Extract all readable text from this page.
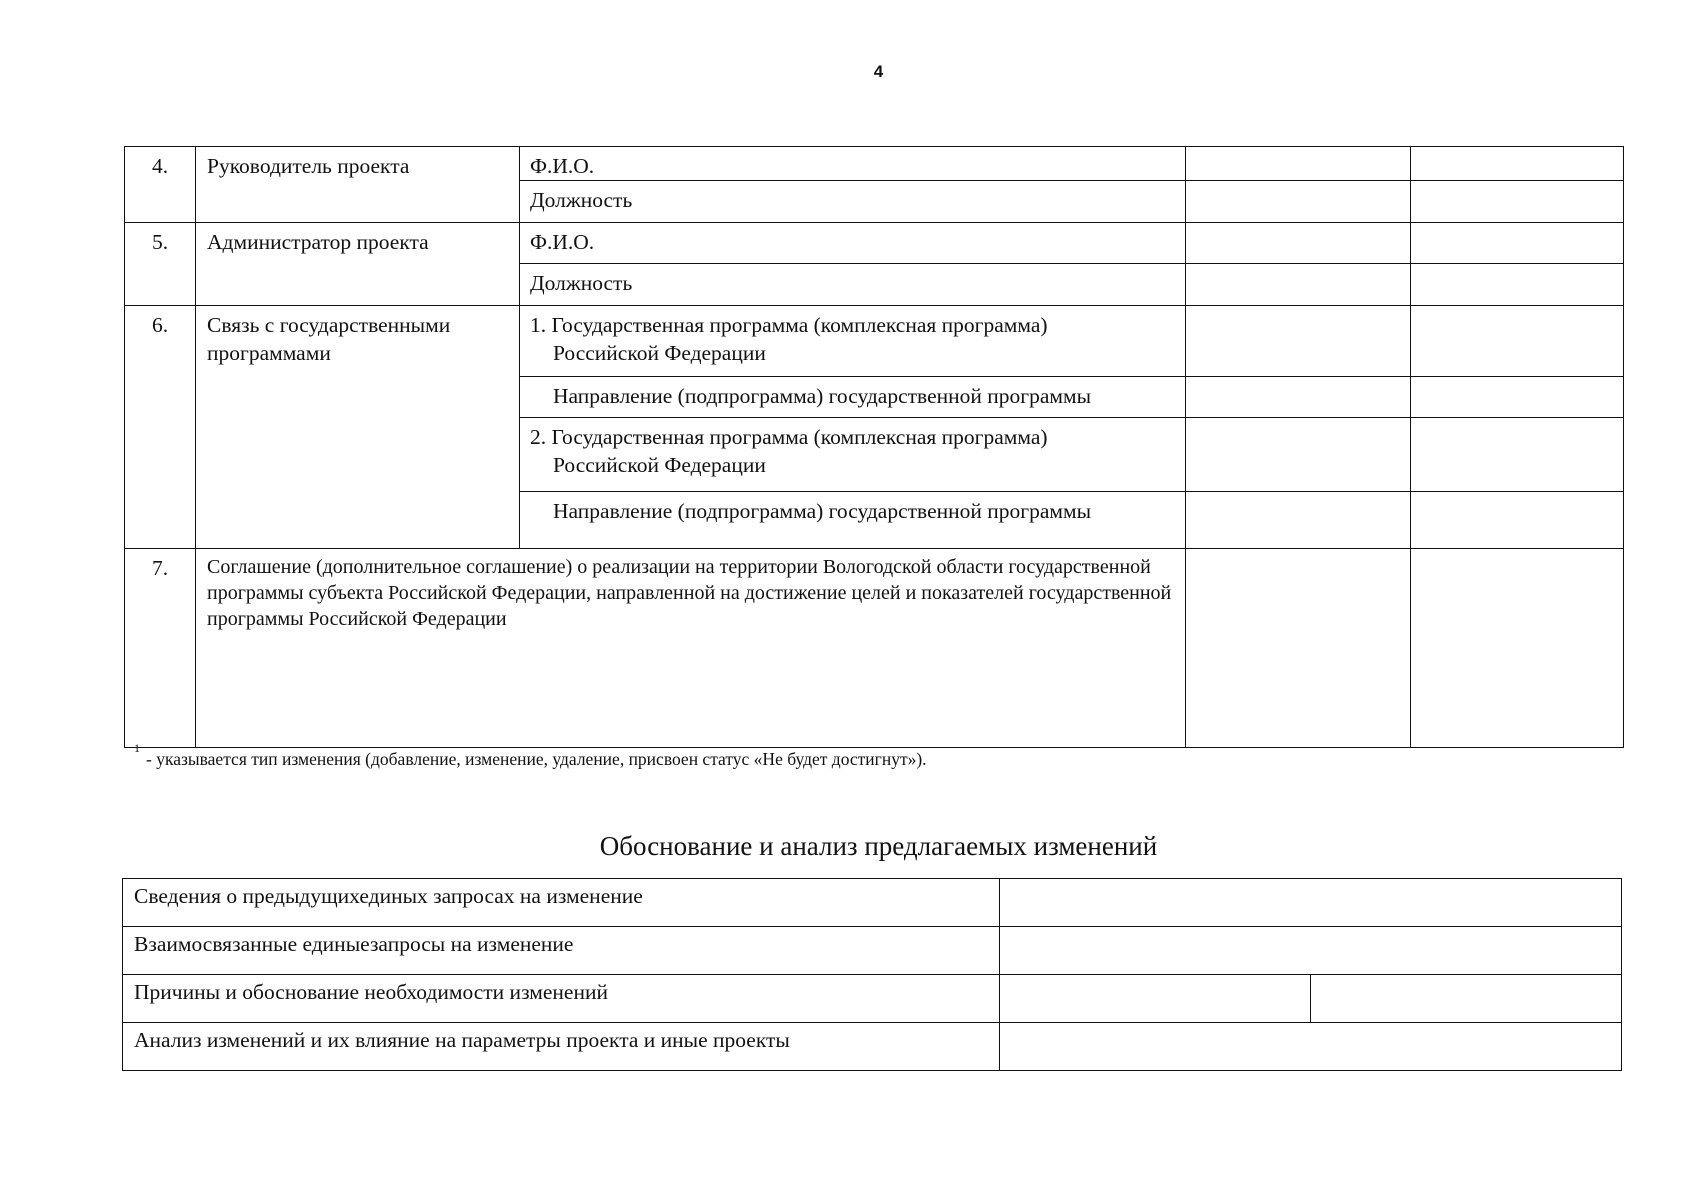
4
4.	Руководитель проекта	Ф.И.О.		
		Должность		
5.	Администратор проекта	Ф.И.О.		
		Должность		
6.	Связь с государственными программами	1. Государственная программа (комплексная программа)
Российской Федерации		

		Направление (подпрограмма) государственной программы		

		2. Государственная программа (комплексная программа)
Российской Федерации		

		Направление (подпрограмма) государственной программы		

7.	Соглашение (дополнительное соглашение) о реализации на территории Вологодской области государственной программы субъекта Российской Федерации, направленной на достижение целей и показателей государственной программы Российской Федерации			
$^1$- указывается тип изменения (добавление, изменение, удаление, присвоен статус «Не будет достигнут»).
Обоснование и анализ предлагаемых изменений
Сведения о предыдущихединых запросах на изменение	
Взаимосвязанные единыезапросы на изменение	
Причины и обоснование необходимости изменений	

Анализ изменений и их влияние на параметры проекта и иные проекты	
